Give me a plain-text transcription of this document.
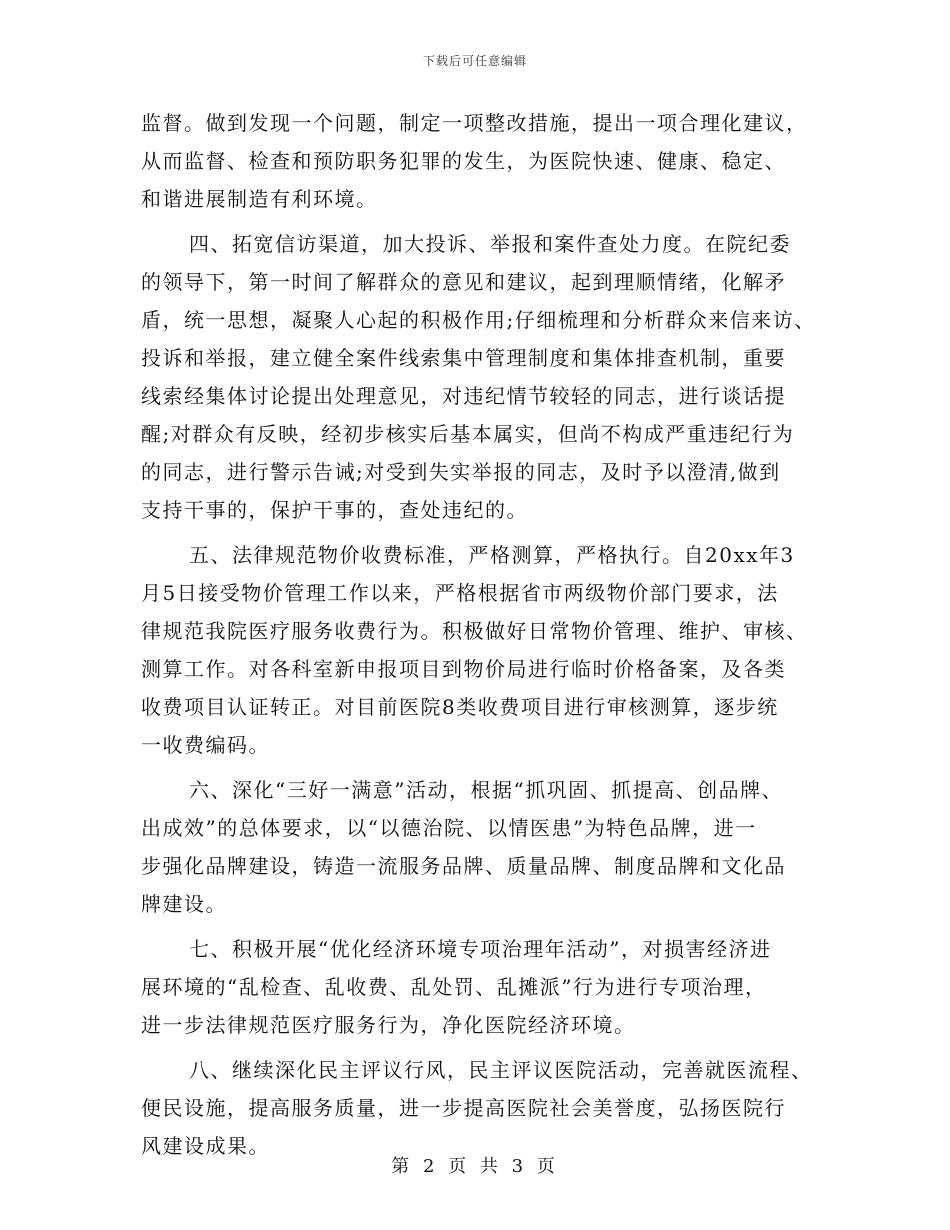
下载后可任意编辑
监督。做到发现一个问题，制定一项整改措施，提出一项合理化建议，
从而监督、检查和预防职务犯罪的发生，为医院快速、健康、稳定、
和谐进展制造有利环境。
四、拓宽信访渠道，加大投诉、举报和案件查处力度。在院纪委
的领导下，第一时间了解群众的意见和建议，起到理顺情绪，化解矛
盾，统一思想，凝聚人心起的积极作用;仔细梳理和分析群众来信来访、
投诉和举报，建立健全案件线索集中管理制度和集体排查机制，重要
线索经集体讨论提出处理意见，对违纪情节较轻的同志，进行谈话提
醒;对群众有反映，经初步核实后基本属实，但尚不构成严重违纪行为
的同志，进行警示告诫;对受到失实举报的同志，及时予以澄清,做到
支持干事的，保护干事的，查处违纪的。
五、法律规范物价收费标准，严格测算，严格执行。自20xx年3
月5日接受物价管理工作以来，严格根据省市两级物价部门要求，法
律规范我院医疗服务收费行为。积极做好日常物价管理、维护、审核、
测算工作。对各科室新申报项目到物价局进行临时价格备案，及各类
收费项目认证转正。对目前医院8类收费项目进行审核测算，逐步统
一收费编码。
六、深化“三好一满意”活动，根据“抓巩固、抓提高、创品牌、
出成效”的总体要求，以“以德治院、以情医患”为特色品牌，进一
步强化品牌建设，铸造一流服务品牌、质量品牌、制度品牌和文化品
牌建设。
七、积极开展“优化经济环境专项治理年活动”，对损害经济进
展环境的“乱检查、乱收费、乱处罚、乱摊派”行为进行专项治理，
进一步法律规范医疗服务行为，净化医院经济环境。
八、继续深化民主评议行风，民主评议医院活动，完善就医流程、
便民设施，提高服务质量，进一步提高医院社会美誉度，弘扬医院行
风建设成果。
第 2 页 共 3 页
